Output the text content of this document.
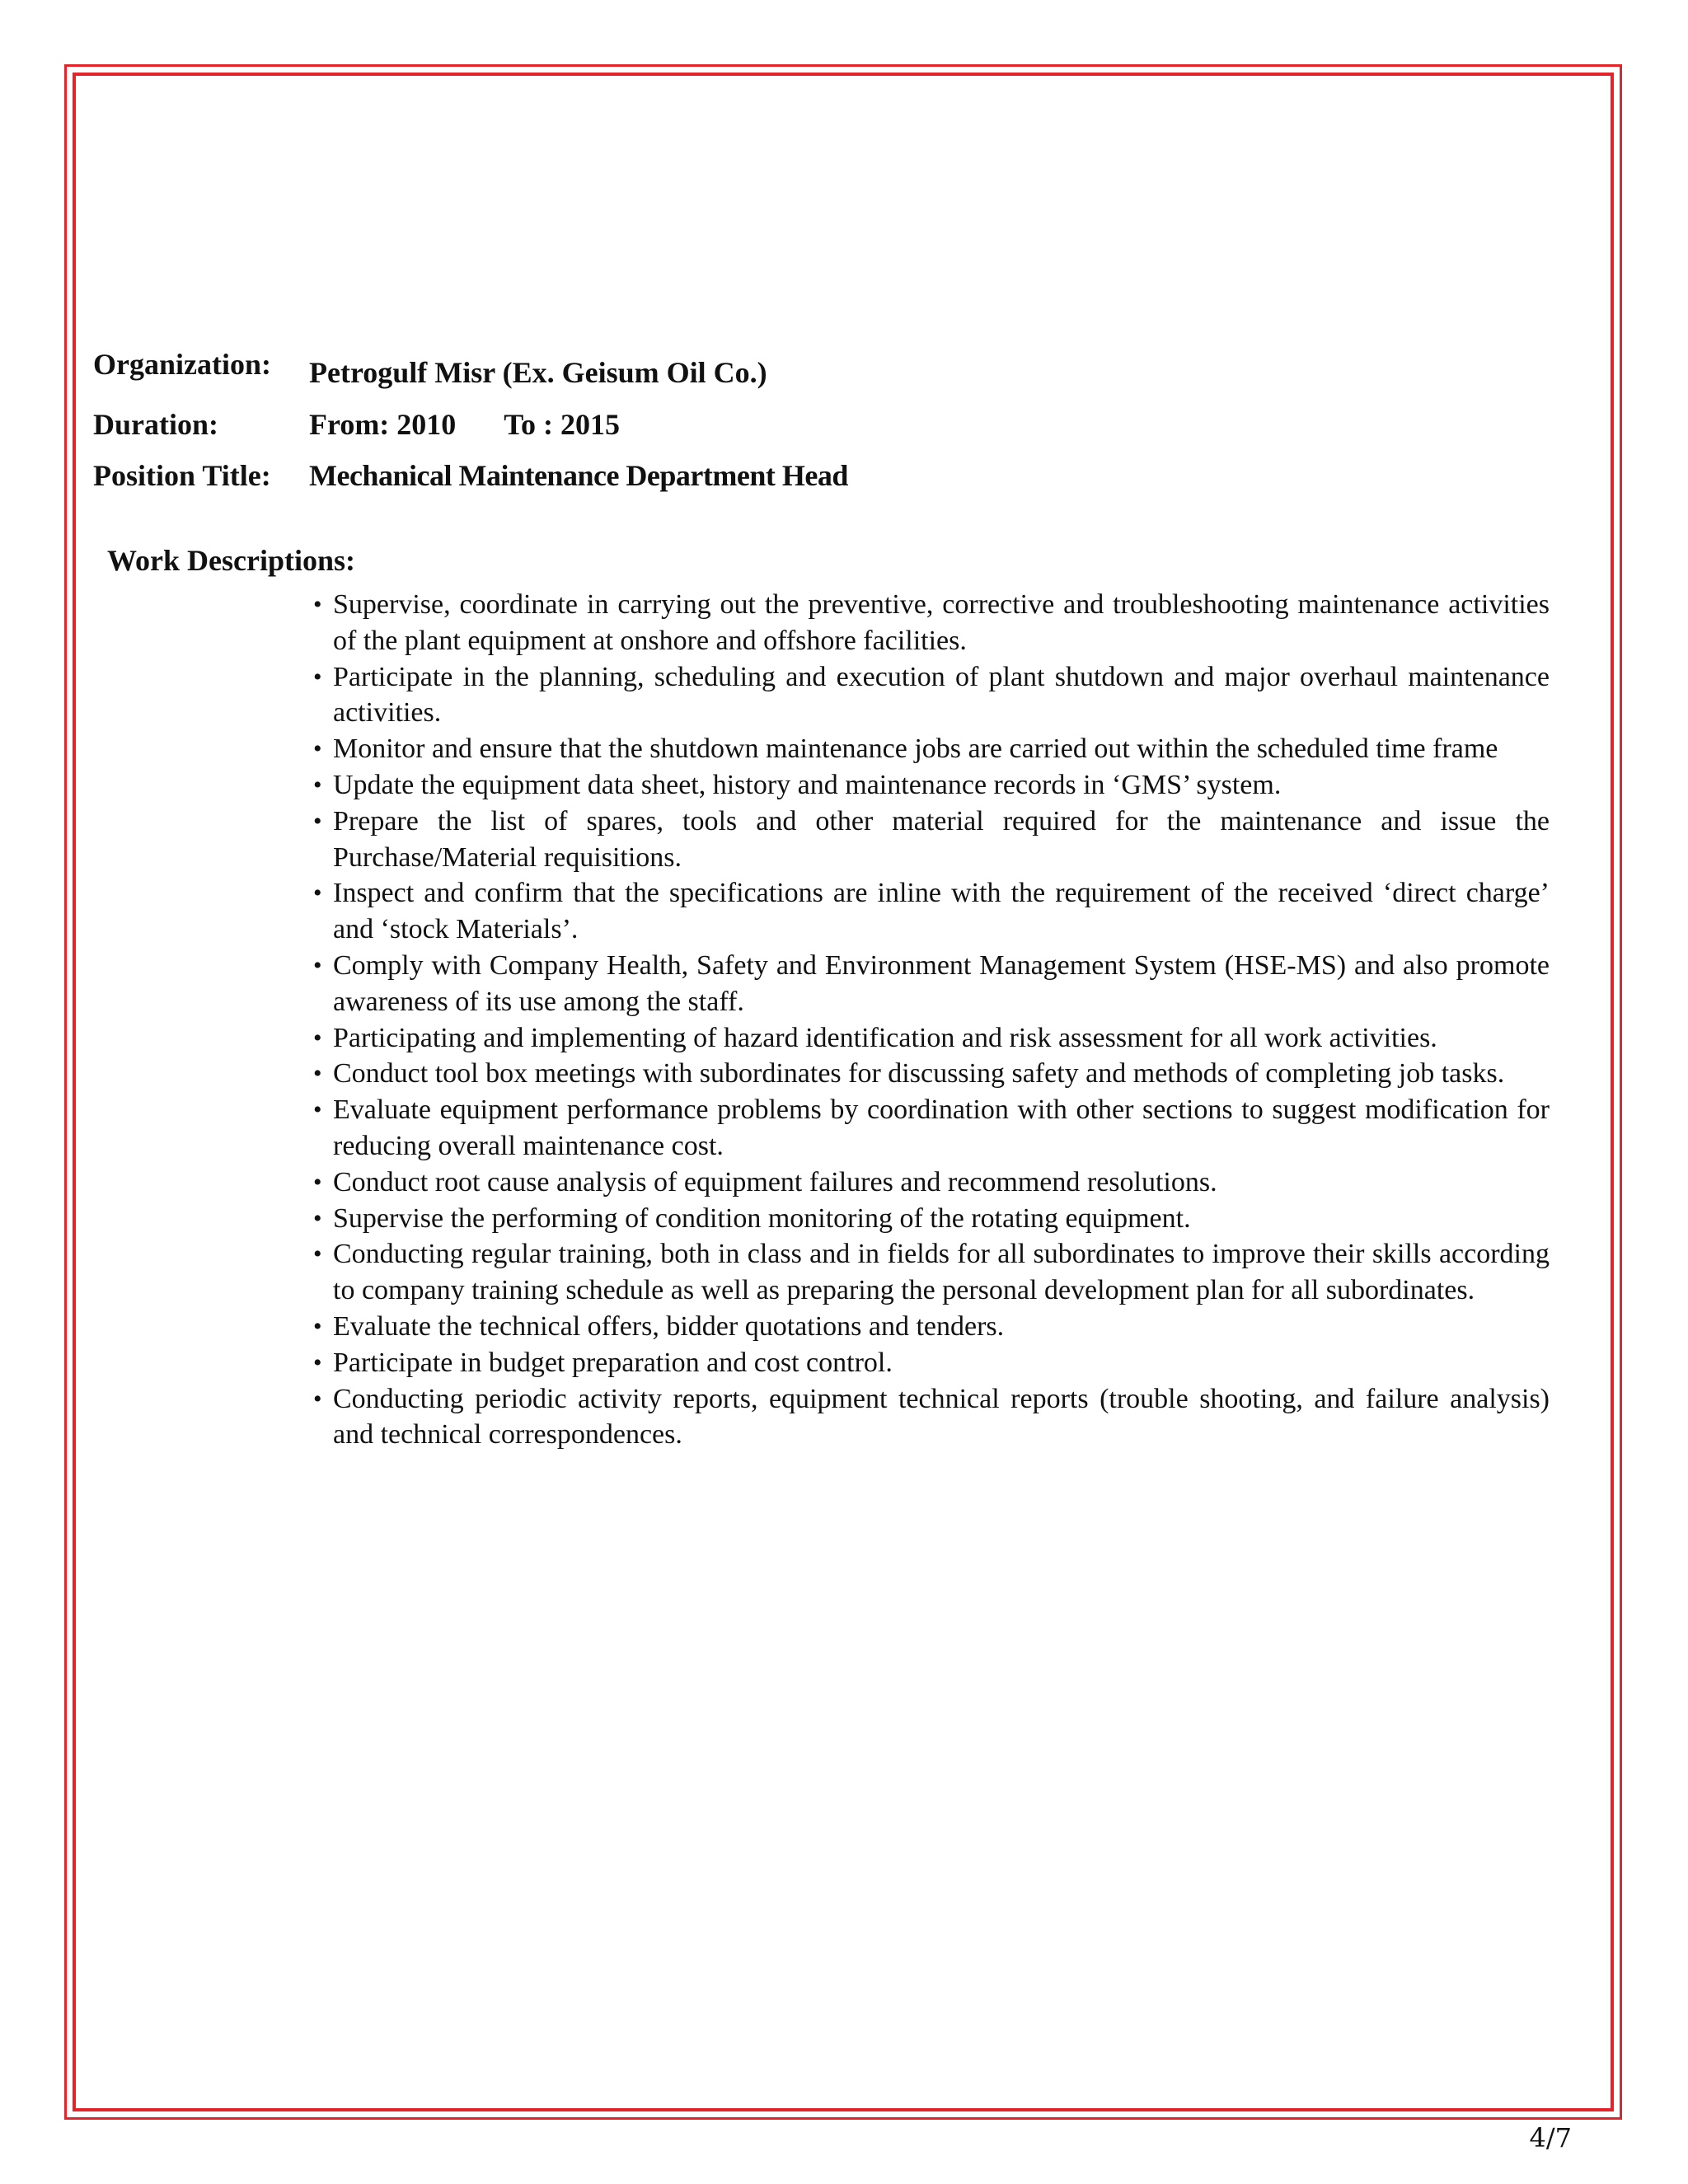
Organization: Petrogulf Misr (Ex. Geisum Oil Co.)
Duration:	From: 2010 To : 2015
Position Title: Mechanical Maintenance Department Head
Work Descriptions:
• Supervise, coordinate in carrying out the preventive, corrective and troubleshooting maintenance activities of the plant equipment at onshore and offshore facilities.
• Participate in the planning, scheduling and execution of plant shutdown and major overhaul maintenance activities.
• Monitor and ensure that the shutdown maintenance jobs are carried out within the scheduled time frame
• Update the equipment data sheet, history and maintenance records in ‘GMS’ system.
• Prepare the list of spares, tools and other material required for the maintenance and issue the Purchase/Material requisitions.
• Inspect and confirm that the specifications are inline with the requirement of the received ‘direct charge’ and ‘stock Materials’.
• Comply with Company Health, Safety and Environment Management System (HSE-MS) and also promote awareness of its use among the staff.
• Participating and implementing of hazard identification and risk assessment for all work activities.
• Conduct tool box meetings with subordinates for discussing safety and methods of completing job tasks.
• Evaluate equipment performance problems by coordination with other sections to suggest modification for reducing overall maintenance cost.
• Conduct root cause analysis of equipment failures and recommend resolutions.
• Supervise the performing of condition monitoring of the rotating equipment.
• Conducting regular training, both in class and in fields for all subordinates to improve their skills according to company training schedule as well as preparing the personal development plan for all subordinates.
• Evaluate the technical offers, bidder quotations and tenders.
• Participate in budget preparation and cost control.
• Conducting periodic activity reports, equipment technical reports (trouble shooting, and failure analysis) and technical correspondences.
4/7
